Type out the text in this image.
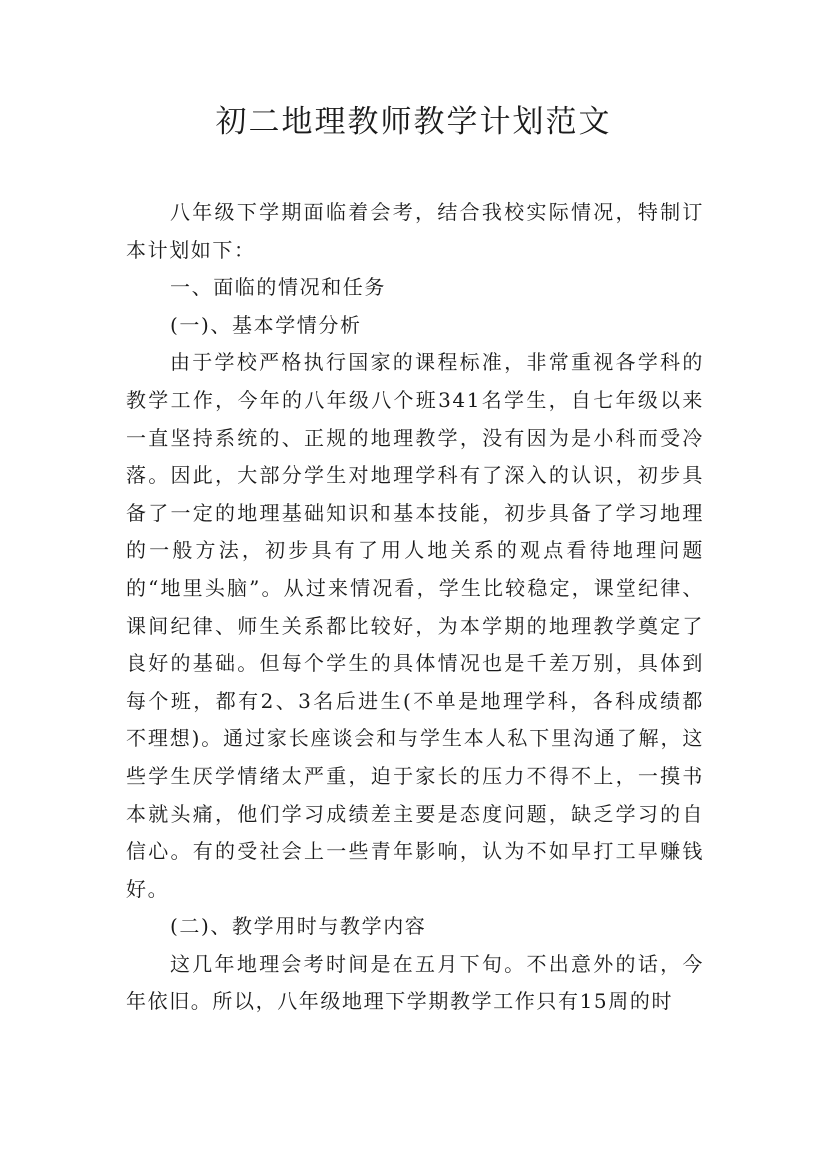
初二地理教师教学计划范文

八年级下学期面临着会考，结合我校实际情况，特制订本计划如下：

一、面临的情况和任务

(一)、基本学情分析

由于学校严格执行国家的课程标准，非常重视各学科的教学工作，今年的八年级八个班341名学生，自七年级以来一直坚持系统的、正规的地理教学，没有因为是小科而受冷落。因此，大部分学生对地理学科有了深入的认识，初步具备了一定的地理基础知识和基本技能，初步具备了学习地理的一般方法，初步具有了用人地关系的观点看待地理问题的“地里头脑”。从过来情况看，学生比较稳定，课堂纪律、课间纪律、师生关系都比较好，为本学期的地理教学奠定了良好的基础。但每个学生的具体情况也是千差万别，具体到每个班，都有2、3名后进生(不单是地理学科，各科成绩都不理想)。通过家长座谈会和与学生本人私下里沟通了解，这些学生厌学情绪太严重，迫于家长的压力不得不上，一摸书本就头痛，他们学习成绩差主要是态度问题，缺乏学习的自信心。有的受社会上一些青年影响，认为不如早打工早赚钱好。

(二)、教学用时与教学内容

这几年地理会考时间是在五月下旬。不出意外的话，今年依旧。所以，八年级地理下学期教学工作只有15周的时
